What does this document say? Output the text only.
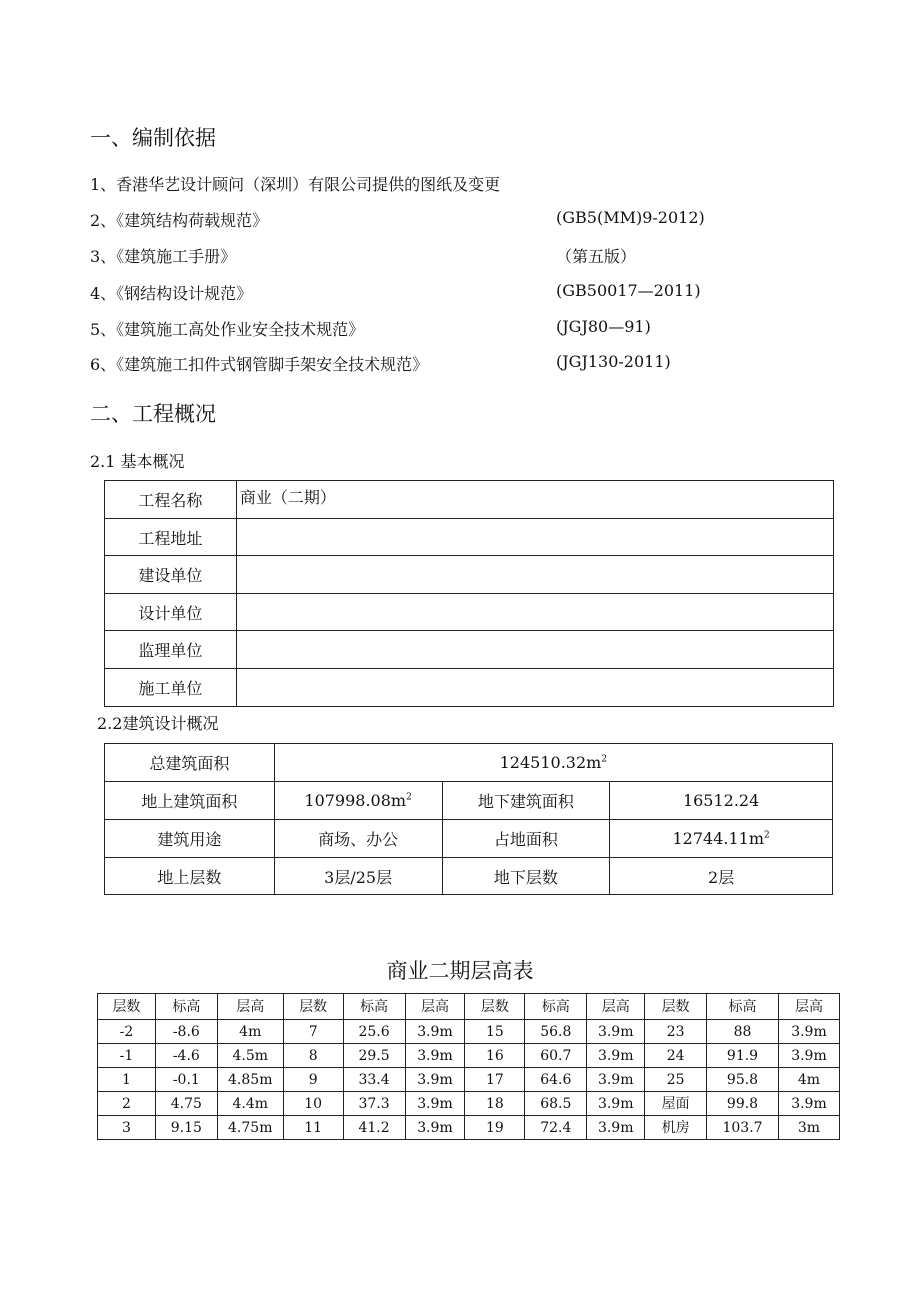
一、编制依据
1、香港华艺设计顾问（深圳）有限公司提供的图纸及变更
2、《建筑结构荷载规范》	(GB5(MM)9-2012)
3、《建筑施工手册》	（第五版）
4、《钢结构设计规范》	(GB50017—2011)
5、《建筑施工高处作业安全技术规范》	(JGJ80—91)
6、《建筑施工扣件式钢管脚手架安全技术规范》	(JGJ130-2011)
二、工程概况
2.1 基本概况
工程名称	商业（二期）
工程地址	
建设单位	
设计单位	
监理单位	
施工单位	
2.2建筑设计概况
总建筑面积	$124510.32m^2$
地上建筑面积	$107998.08m^2$	地下建筑面积	16512.24
建筑用途	商场、办公	占地面积	$12744.11m^2$
地上层数	3层/25层	地下层数	2层
商业二期层高表
层数	标高	层高	层数	标高	层高	层数	标高	层高	层数	标高	层高
-2	-8.6	4m	7	25.6	3.9m	15	56.8	3.9m	23	88	3.9m
-1	-4.6	4.5m	8	29.5	3.9m	16	60.7	3.9m	24	91.9	3.9m
1	-0.1	4.85m	9	33.4	3.9m	17	64.6	3.9m	25	95.8	4m
2	4.75	4.4m	10	37.3	3.9m	18	68.5	3.9m	屋面	99.8	3.9m
3	9.15	4.75m	11	41.2	3.9m	19	72.4	3.9m	机房	103.7	3m
